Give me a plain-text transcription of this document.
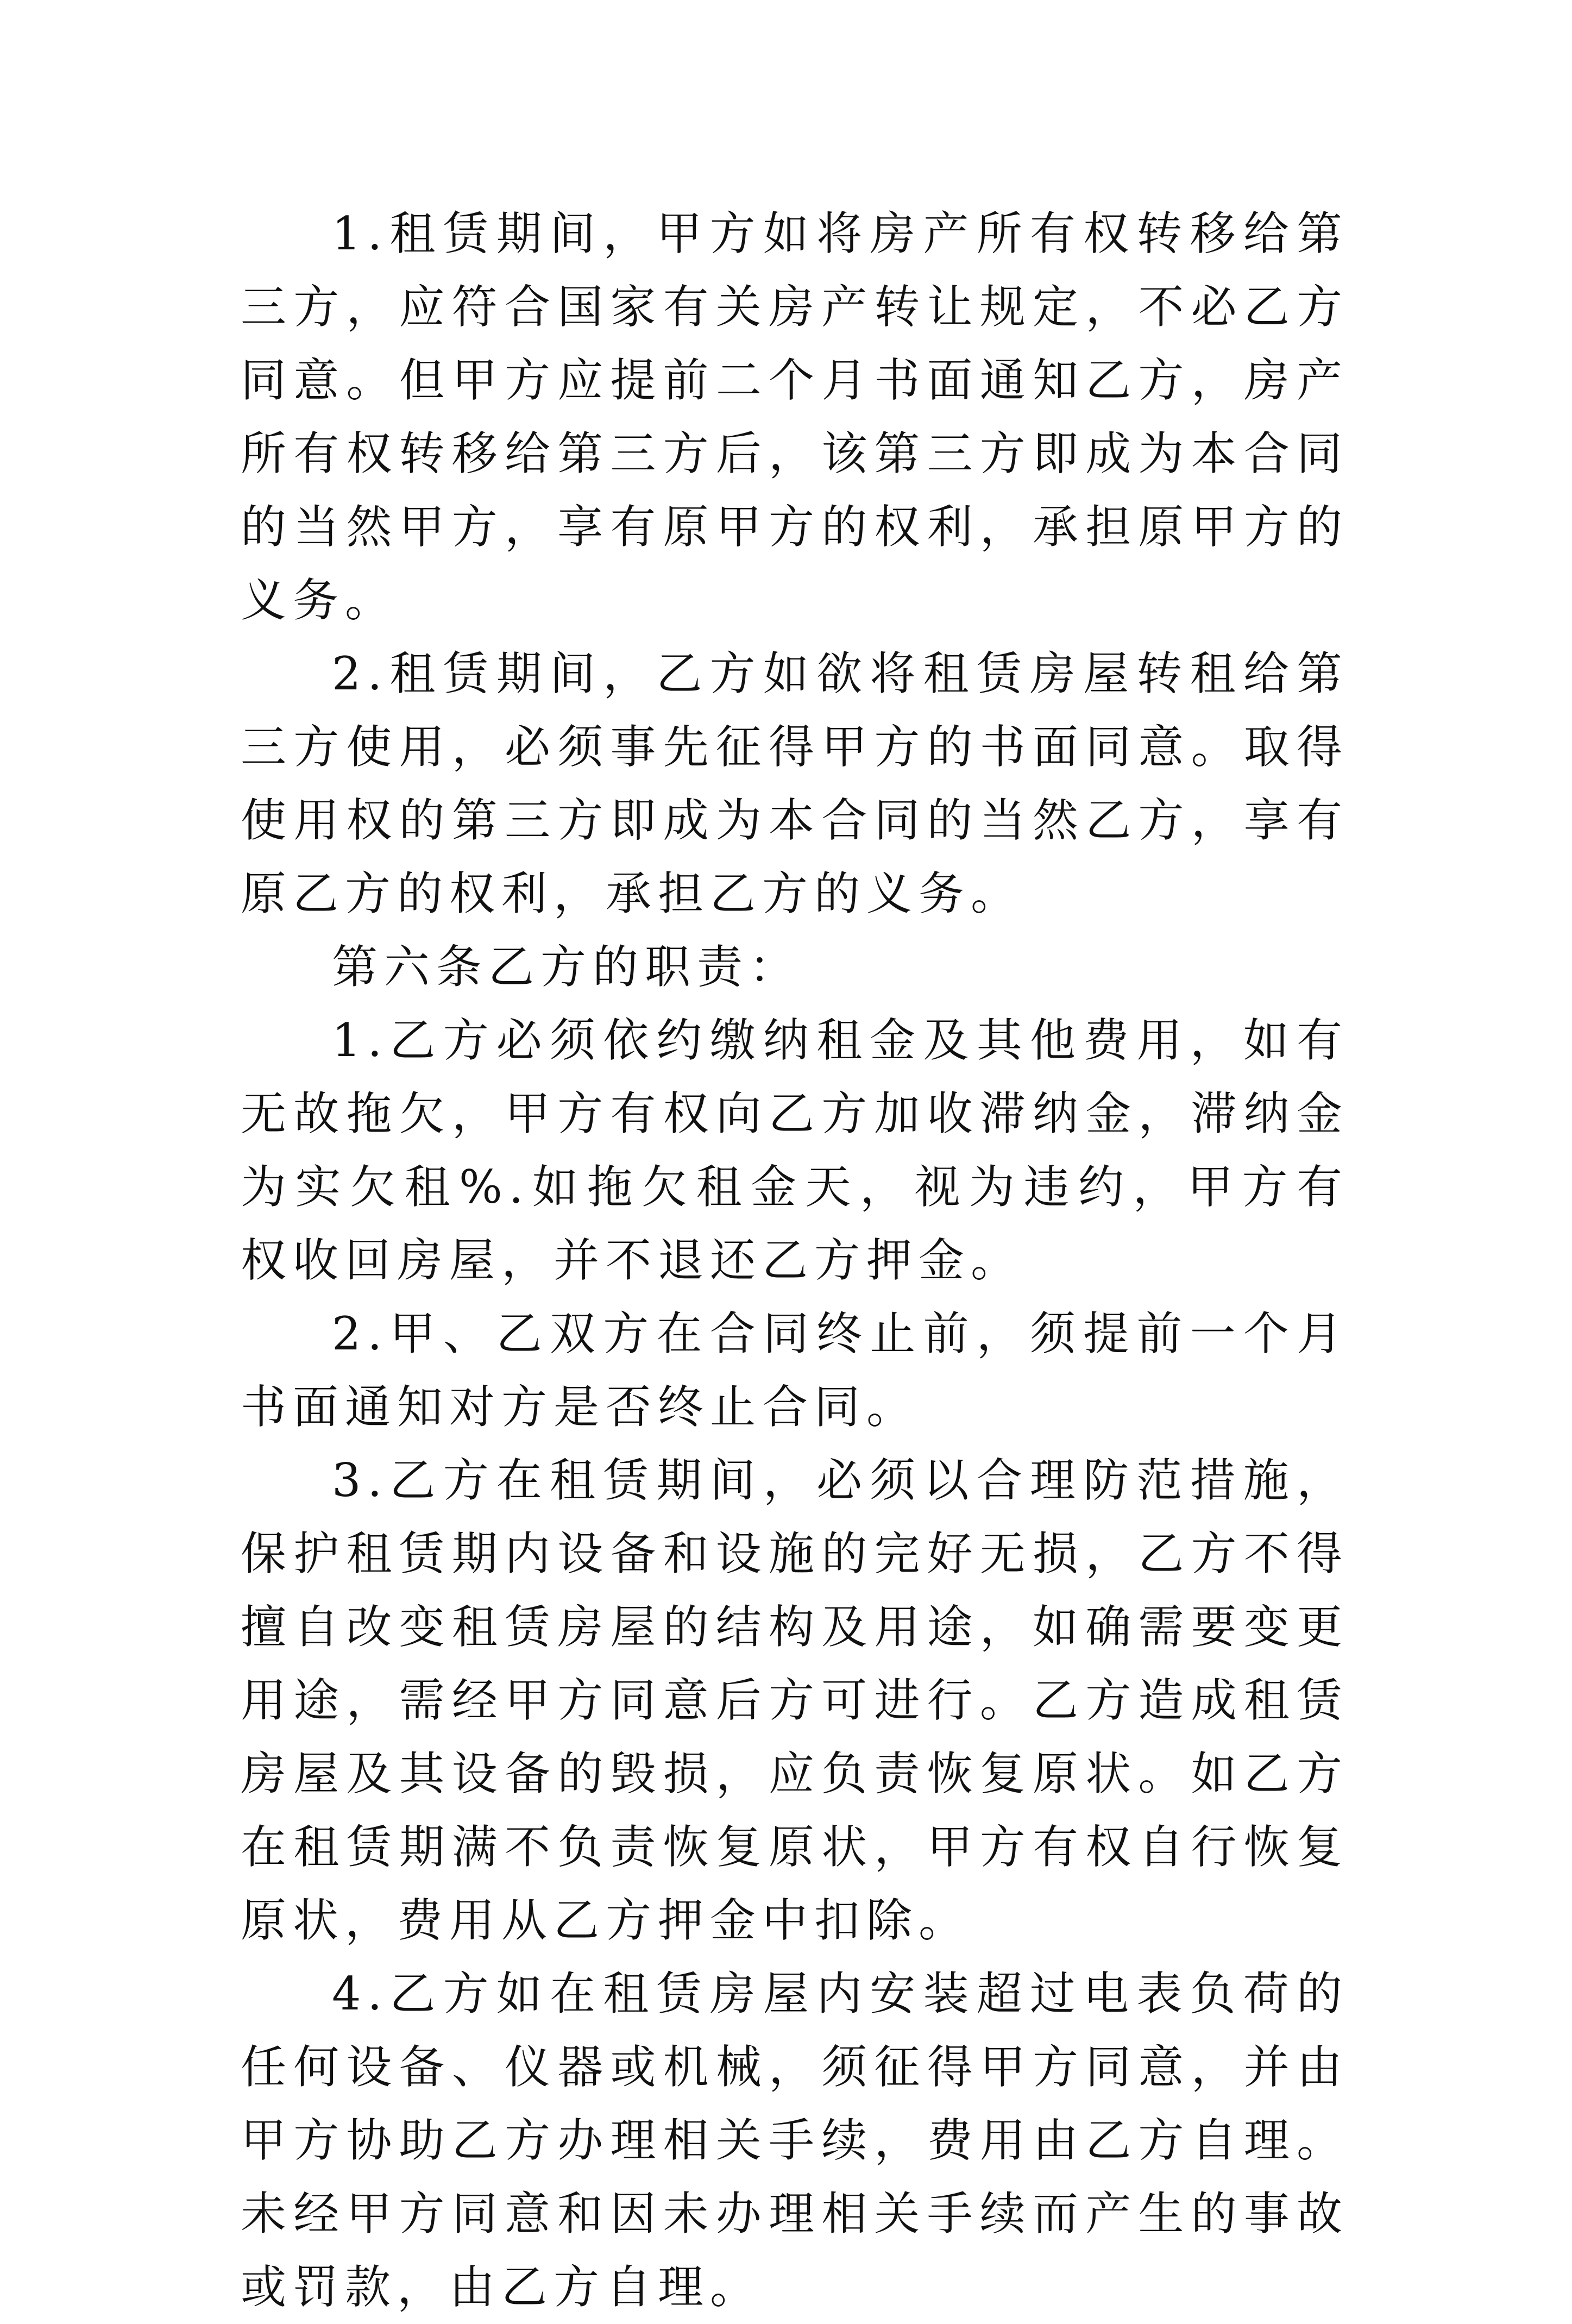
1.租赁期间，甲方如将房产所有权转移给第三方，应符合国家有关房产转让规定，不必乙方同意。但甲方应提前二个月书面通知乙方，房产所有权转移给第三方后，该第三方即成为本合同的当然甲方，享有原甲方的权利，承担原甲方的义务。

2.租赁期间，乙方如欲将租赁房屋转租给第三方使用，必须事先征得甲方的书面同意。取得使用权的第三方即成为本合同的当然乙方，享有原乙方的权利，承担乙方的义务。

第六条乙方的职责：

1.乙方必须依约缴纳租金及其他费用，如有无故拖欠，甲方有权向乙方加收滞纳金，滞纳金为实欠租%.如拖欠租金天，视为违约，甲方有权收回房屋，并不退还乙方押金。

2.甲、乙双方在合同终止前，须提前一个月书面通知对方是否终止合同。

3.乙方在租赁期间，必须以合理防范措施，保护租赁期内设备和设施的完好无损，乙方不得擅自改变租赁房屋的结构及用途，如确需要变更用途，需经甲方同意后方可进行。乙方造成租赁房屋及其设备的毁损，应负责恢复原状。如乙方在租赁期满不负责恢复原状，甲方有权自行恢复原状，费用从乙方押金中扣除。

4.乙方如在租赁房屋内安装超过电表负荷的任何设备、仪器或机械，须征得甲方同意，并由甲方协助乙方办理相关手续，费用由乙方自理。未经甲方同意和因未办理相关手续而产生的事故或罚款，由乙方自理。
